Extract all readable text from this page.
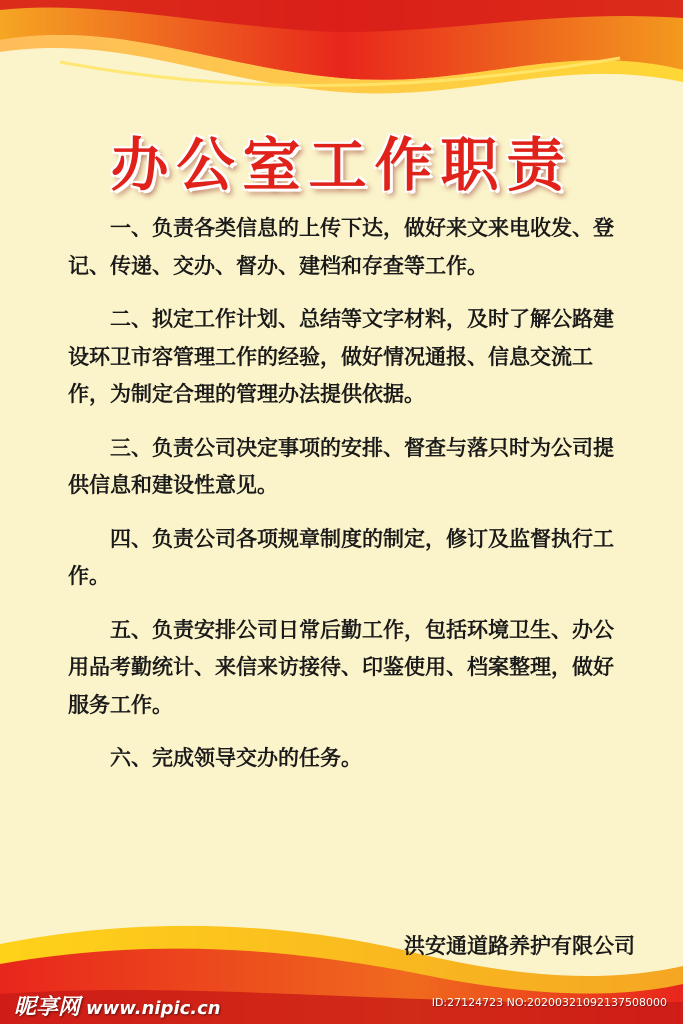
办公室工作职责

一、负责各类信息的上传下达，做好来文来电收发、登记、传递、交办、督办、建档和存查等工作。

二、拟定工作计划、总结等文字材料，及时了解公路建设环卫市容管理工作的经验，做好情况通报、信息交流工作，为制定合理的管理办法提供依据。

三、负责公司决定事项的安排、督查与落只时为公司提供信息和建设性意见。

四、负责公司各项规章制度的制定，修订及监督执行工作。

五、负责安排公司日常后勤工作，包括环境卫生、办公用品考勤统计、来信来访接待、印鉴使用、档案整理，做好服务工作。

六、完成领导交办的任务。

洪安通道路养护有限公司
昵享网 www.nipic.cn	ID:27124723 NO:20200321092137508000
